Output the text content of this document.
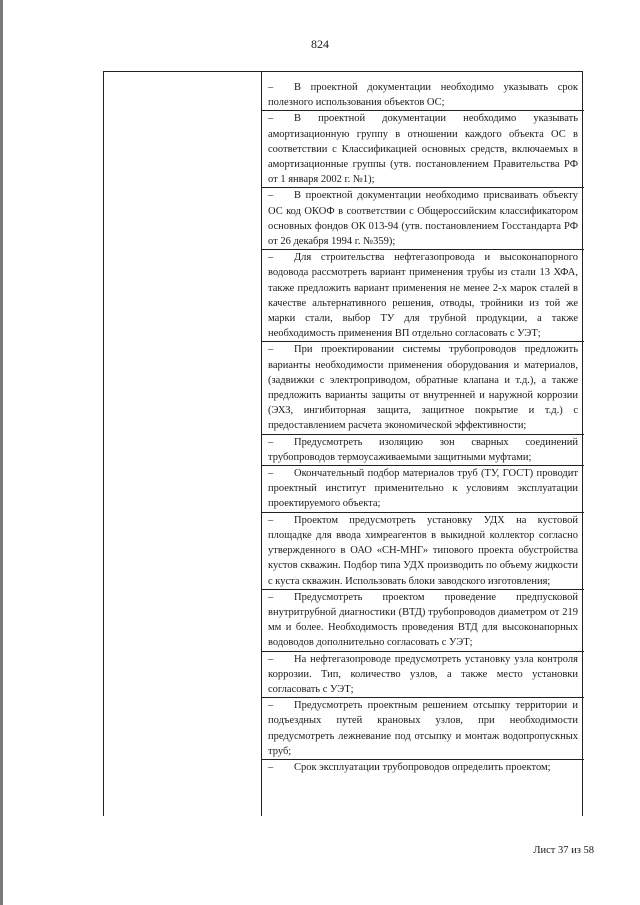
824

– В проектной документации необходимо указывать срок полезного использования объектов ОС;

– В проектной документации необходимо указывать амортизационную группу в отношении каждого объекта ОС в соответствии с Классификацией основных средств, включаемых в амортизационные группы (утв. постановлением Правительства РФ от 1 января 2002 г. №1);

– В проектной документации необходимо присваивать объекту ОС код ОКОФ в соответствии с Общероссийским классификатором основных фондов ОК 013-94 (утв. постановлением Госстандарта РФ от 26 декабря 1994 г. №359);

– Для строительства нефтегазопровода и высоконапорного водовода рассмотреть вариант применения трубы из стали 13 ХФА, также предложить вариант применения не менее 2-х марок сталей в качестве альтернативного решения, отводы, тройники из той же марки стали, выбор ТУ для трубной продукции, а также необходимость применения ВП отдельно согласовать с УЭТ;

– При проектировании системы трубопроводов предложить варианты необходимости применения оборудования и материалов, (задвижки с электроприводом, обратные клапана и т.д.), а также предложить варианты защиты от внутренней и наружной коррозии (ЭХЗ, ингибиторная защита, защитное покрытие и т.д.) с предоставлением расчета экономической эффективности;

– Предусмотреть изоляцию зон сварных соединений трубопроводов термоусаживаемыми защитными муфтами;

– Окончательный подбор материалов труб (ТУ, ГОСТ) проводит проектный институт применительно к условиям эксплуатации проектируемого объекта;

– Проектом предусмотреть установку УДХ на кустовой площадке для ввода химреагентов в выкидной коллектор согласно утвержденного в ОАО «СН-МНГ» типового проекта обустройства кустов скважин. Подбор типа УДХ производить по объему жидкости с куста скважин. Использовать блоки заводского изготовления;

– Предусмотреть проектом проведение предпусковой внутритрубной диагностики (ВТД) трубопроводов диаметром от 219 мм и более. Необходимость проведения ВТД для высоконапорных водоводов дополнительно согласовать с УЭТ;

– На нефтегазопроводе предусмотреть установку узла контроля коррозии. Тип, количество узлов, а также место установки согласовать с УЭТ;

– Предусмотреть проектным решением отсыпку территории и подъездных путей крановых узлов, при необходимости предусмотреть лежневание под отсыпку и монтаж водопропускных труб;

– Срок эксплуатации трубопроводов определить проектом;

Лист 37 из 58
